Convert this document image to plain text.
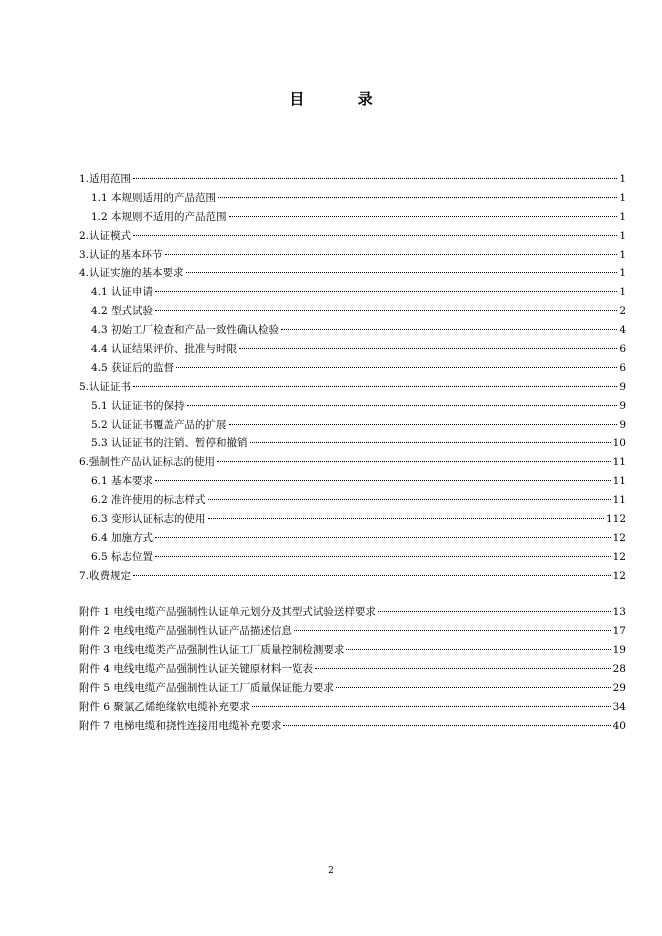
目 录
1.适用范围	1
1.1 本规则适用的产品范围	1
1.2 本规则不适用的产品范围	1
2.认证模式	1
3.认证的基本环节	1
4.认证实施的基本要求	1
4.1 认证申请	1
4.2 型式试验	2
4.3 初始工厂检查和产品一致性确认检验	4
4.4 认证结果评价、批准与时限	6
4.5 获证后的监督	6
5.认证证书	9
5.1 认证证书的保持	9
5.2 认证证书覆盖产品的扩展	9
5.3 认证证书的注销、暂停和撤销	10
6.强制性产品认证标志的使用	11
6.1 基本要求	11
6.2 准许使用的标志样式	11
6.3 变形认证标志的使用	112
6.4 加施方式	12
6.5 标志位置	12
7.收费规定	12
附件 1 电线电缆产品强制性认证单元划分及其型式试验送样要求	13
附件 2 电线电缆产品强制性认证产品描述信息	17
附件 3 电线电缆类产品强制性认证工厂质量控制检测要求	19
附件 4 电线电缆产品强制性认证关键原材料一览表	28
附件 5 电线电缆产品强制性认证工厂质量保证能力要求	29
附件 6 聚氯乙烯绝缘软电缆补充要求	34
附件 7 电梯电缆和挠性连接用电缆补充要求	40
2
